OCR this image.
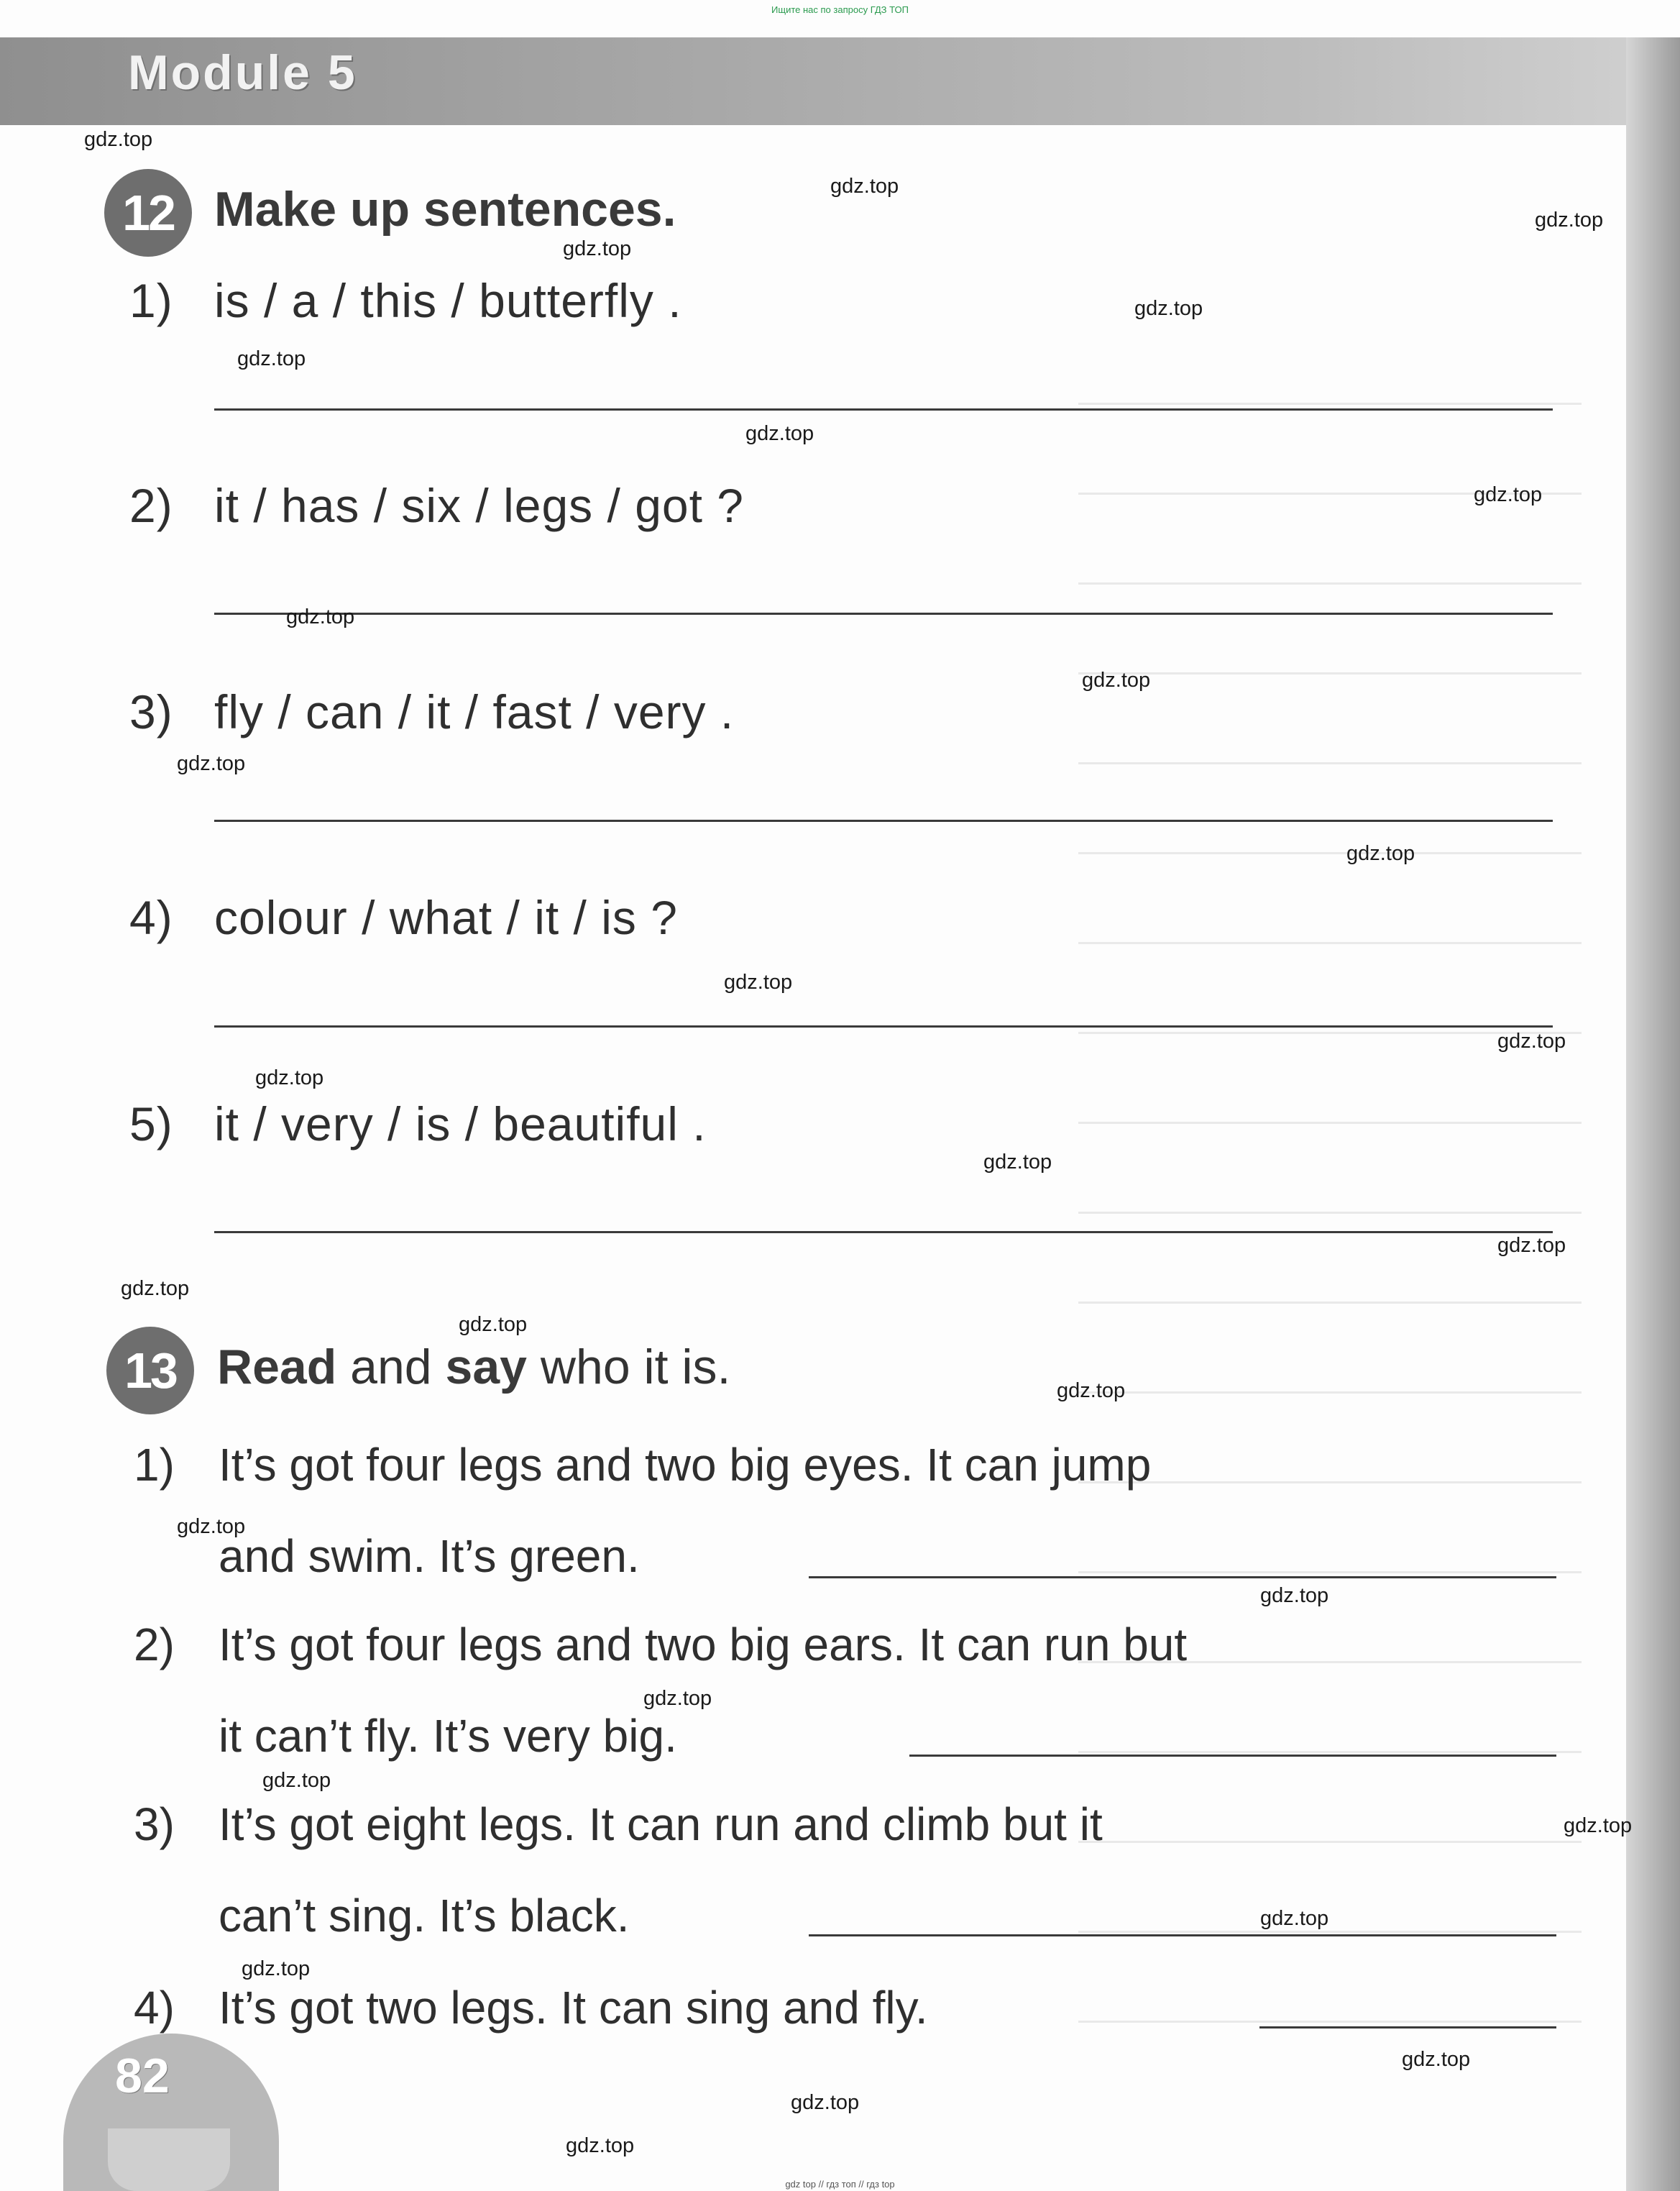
Ищите нас по запросу ГДЗ ТОП
Module 5
12 Make up sentences.
1) is / a / this / butterfly .
2) it / has / six / legs / got ?
3) fly / can / it / fast / very .
4) colour / what / it / is ?
5) it / very / is / beautiful .
13 Read and say who it is.
1) It’s got four legs and two big eyes. It can jump
and swim. It’s green.
2) It’s got four legs and two big ears. It can run but
it can’t fly. It’s very big.
3) It’s got eight legs. It can run and climb but it
can’t sing. It’s black.
4) It’s got two legs. It can sing and fly.
82
gdz.top
gdz.top
gdz.top
gdz.top
gdz.top
gdz.top
gdz.top
gdz.top
gdz.top
gdz.top
gdz.top
gdz.top
gdz.top
gdz.top
gdz.top
gdz.top
gdz.top
gdz.top
gdz.top
gdz.top
gdz.top
gdz.top
gdz.top
gdz.top
gdz.top
gdz.top
gdz.top
gdz.top
gdz.top
gdz.top
gdz top // гдз топ // гдз top
